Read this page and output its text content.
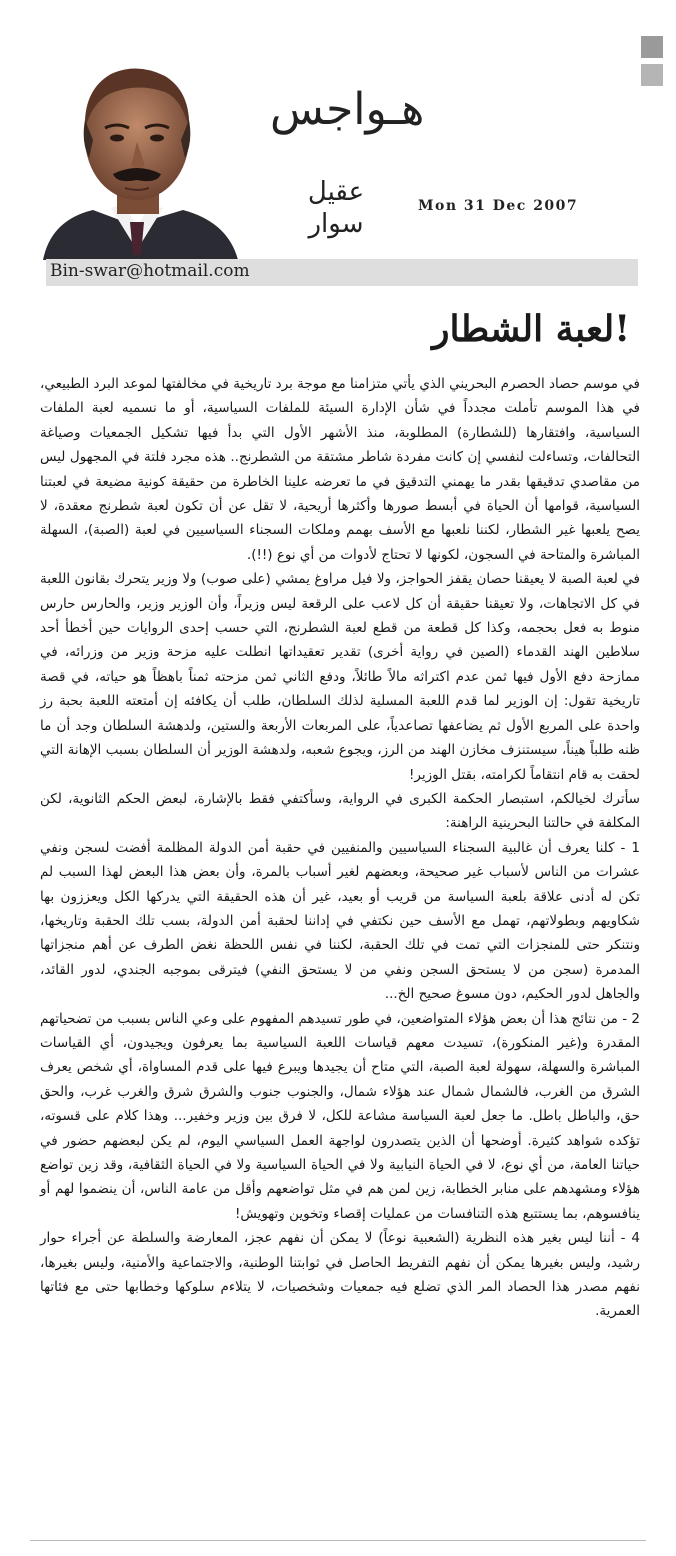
هـواجس
عقيل سوار
Mon 31 Dec 2007
Bin-swar@hotmail.com
لعبة الشطار!

في موسم حصاد الحصرم البحريني الذي يأتي متزامنا مع موجة برد تاريخية في مخالفتها لموعد البرد الطبيعي، في هذا الموسم تأملت مجدداً في شأن الإدارة السيئة للملفات السياسية، أو ما نسميه لعبة الملفات السياسية، وافتقارها (للشطارة) المطلوبة، منذ الأشهر الأول التي بدأ فيها تشكيل الجمعيات وصياغة التحالفات، وتساءلت لنفسي إن كانت مفردة شاطر مشتقة من الشطرنج.. هذه مجرد فلتة في المجهول ليس من مقاصدي تدقيقها بقدر ما يهمني التدقيق في ما تعرضه علينا الخاطرة من حقيقة كونية مضيعة في لعبتنا السياسية، قوامها أن الحياة في أبسط صورها وأكثرها أريحية، لا تقل عن أن تكون لعبة شطرنج معقدة، لا يصح يلعبها غير الشطار، لكننا نلعبها مع الأسف بهمم وملكات السجناء السياسيين في لعبة (الصبة)، السهلة المباشرة والمتاحة في السجون، لكونها لا تحتاج لأدوات من أي نوع (!!).

في لعبة الصبة لا يعيقنا حصان يقفز الحواجز، ولا فيل مراوغ يمشي (على صوب) ولا وزير يتحرك بقانون اللعبة في كل الاتجاهات، ولا تعيقنا حقيقة أن كل لاعب على الرقعة ليس وزيراً، وأن الوزير وزير، والحارس حارس منوط به فعل بحجمه، وكذا كل قطعة من قطع لعبة الشطرنج، التي حسب إحدى الروايات حين أخطأ أحد سلاطين الهند القدماء (الصين في رواية أخرى) تقدير تعقيداتها انطلت عليه مزحة وزير من وزرائه، في ممازحة دفع الأول فيها ثمن عدم اكتراثه مالاً طائلاً، ودفع الثاني ثمن مزحته ثمناً باهظاً هو حياته، في قصة تاريخية تقول: إن الوزير لما قدم اللعبة المسلية لذلك السلطان، طلب أن يكافئه إن أمتعته اللعبة بحبة رز واحدة على المربع الأول ثم يضاعفها تصاعدياً، على المربعات الأربعة والستين، ولدهشة السلطان وجد أن ما ظنه طلباً هيناً، سيستنزف مخازن الهند من الرز، ويجوع شعبه، ولدهشة الوزير أن السلطان بسبب الإهانة التي لحقت به قام انتقاماً لكرامته، بقتل الوزير!

سأترك لخيالكم، استبصار الحكمة الكبرى في الرواية، وسأكتفي فقط بالإشارة، لبعض الحكم الثانوية، لكن المكلفة في حالتنا البحرينية الراهنة:

1 - كلنا يعرف أن غالبية السجناء السياسيين والمنفيين في حقبة أمن الدولة المظلمة أفضت لسجن ونفي عشرات من الناس لأسباب غير صحيحة، وبعضهم لغير أسباب بالمرة، وأن بعض هذا البعض لهذا السبب لم تكن له أدنى علاقة بلعبة السياسة من قريب أو بعيد، غير أن هذه الحقيقة التي يدركها الكل ويعززون بها شكاويهم وبطولاتهم، تهمل مع الأسف حين نكتفي في إداننا لحقبة أمن الدولة، بسب تلك الحقبة وتاريخها، ونتنكر حتى للمنجزات التي تمت في تلك الحقبة، لكننا في نفس اللحظة نغض الطرف عن أهم منجزاتها المدمرة (سجن من لا يستحق السجن ونفي من لا يستحق النفي) فيترقى بموجبه الجندي، لدور القائد، والجاهل لدور الحكيم، دون مسوغ صحيح الخ...

2 - من نتائج هذا أن بعض هؤلاء المتواضعين، في طور تسيدهم المفهوم على وعي الناس بسبب من تضحياتهم المقدرة و(غير المنكورة)، تسيدت معهم قياسات اللعبة السياسية بما يعرفون ويجيدون، أي القياسات المباشرة والسهلة، سهولة لعبة الصبة، التي متاح أن يجيدها ويبرع فيها على قدم المساواة، أي شخص يعرف الشرق من الغرب، فالشمال شمال عند هؤلاء شمال، والجنوب جنوب والشرق شرق والغرب غرب، والحق حق، والباطل باطل. ما جعل لعبة السياسة مشاعة للكل، لا فرق بين وزير وخفير... وهذا كلام على قسوته، تؤكده شواهد كثيرة. أوضحها أن الذين يتصدرون لواجهة العمل السياسي اليوم، لم يكن لبعضهم حضور في حياتنا العامة، من أي نوع، لا في الحياة النيابية ولا في الحياة السياسية ولا في الحياة الثقافية، وقد زين تواضع هؤلاء ومشهدهم على منابر الخطابة، زين لمن هم في مثل تواضعهم وأقل من عامة الناس، أن ينضموا لهم أو ينافسوهم، بما يستتبع هذه التنافسات من عمليات إقصاء وتخوين وتهويش!

4 - أننا ليس بغير هذه النظرية (الشعبية نوعاً) لا يمكن أن نفهم عجز، المعارضة والسلطة عن أجراء حوار رشيد، وليس بغيرها يمكن أن نفهم التفريط الحاصل في ثوابتنا الوطنية، والاجتماعية والأمنية، وليس بغيرها، نفهم مصدر هذا الحصاد المر الذي تضلع فيه جمعيات وشخصيات، لا يتلاءم سلوكها وخطابها حتى مع فئاتها العمرية.
